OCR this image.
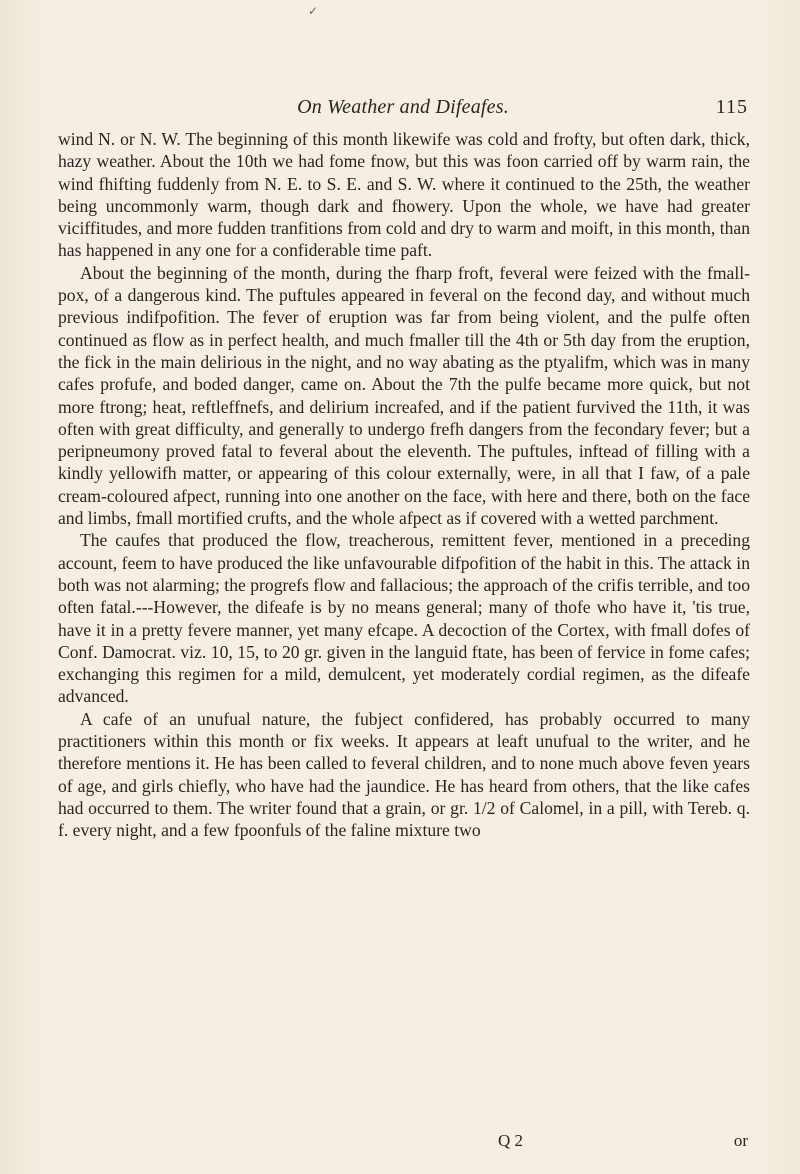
✓
On Weather and Difeafes.	115

wind N. or N. W. The beginning of this month likewife was cold and frofty, but often dark, thick, hazy weather. About the 10th we had fome fnow, but this was foon carried off by warm rain, the wind fhifting fuddenly from N. E. to S. E. and S. W. where it continued to the 25th, the weather being uncommonly warm, though dark and fhowery. Upon the whole, we have had greater viciffitudes, and more fudden tranfitions from cold and dry to warm and moift, in this month, than has happened in any one for a confiderable time paft.

About the beginning of the month, during the fharp froft, feveral were feized with the fmall-pox, of a dangerous kind. The puftules appeared in feveral on the fecond day, and without much previous indifpofition. The fever of eruption was far from being violent, and the pulfe often continued as flow as in perfect health, and much fmaller till the 4th or 5th day from the eruption, the fick in the main delirious in the night, and no way abating as the ptyalifm, which was in many cafes profufe, and boded danger, came on. About the 7th the pulfe became more quick, but not more ftrong; heat, reftleffnefs, and delirium increafed, and if the patient furvived the 11th, it was often with great difficulty, and generally to undergo frefh dangers from the fecondary fever; but a peripneumony proved fatal to feveral about the eleventh. The puftules, inftead of filling with a kindly yellowifh matter, or appearing of this colour externally, were, in all that I faw, of a pale cream-coloured afpect, running into one another on the face, with here and there, both on the face and limbs, fmall mortified crufts, and the whole afpect as if covered with a wetted parchment.

The caufes that produced the flow, treacherous, remittent fever, mentioned in a preceding account, feem to have produced the like unfavourable difpofition of the habit in this. The attack in both was not alarming; the progrefs flow and fallacious; the approach of the crifis terrible, and too often fatal.---However, the difeafe is by no means general; many of thofe who have it, 'tis true, have it in a pretty fevere manner, yet many efcape. A decoction of the Cortex, with fmall dofes of Conf. Damocrat. viz. 10, 15, to 20 gr. given in the languid ftate, has been of fervice in fome cafes; exchanging this regimen for a mild, demulcent, yet moderately cordial regimen, as the difeafe advanced.

A cafe of an unufual nature, the fubject confidered, has probably occurred to many practitioners within this month or fix weeks. It appears at leaft unufual to the writer, and he therefore mentions it. He has been called to feveral children, and to none much above feven years of age, and girls chiefly, who have had the jaundice. He has heard from others, that the like cafes had occurred to them. The writer found that a grain, or gr. 1/2 of Calomel, in a pill, with Tereb. q. f. every night, and a few fpoonfuls of the faline mixture two

Q 2	or
